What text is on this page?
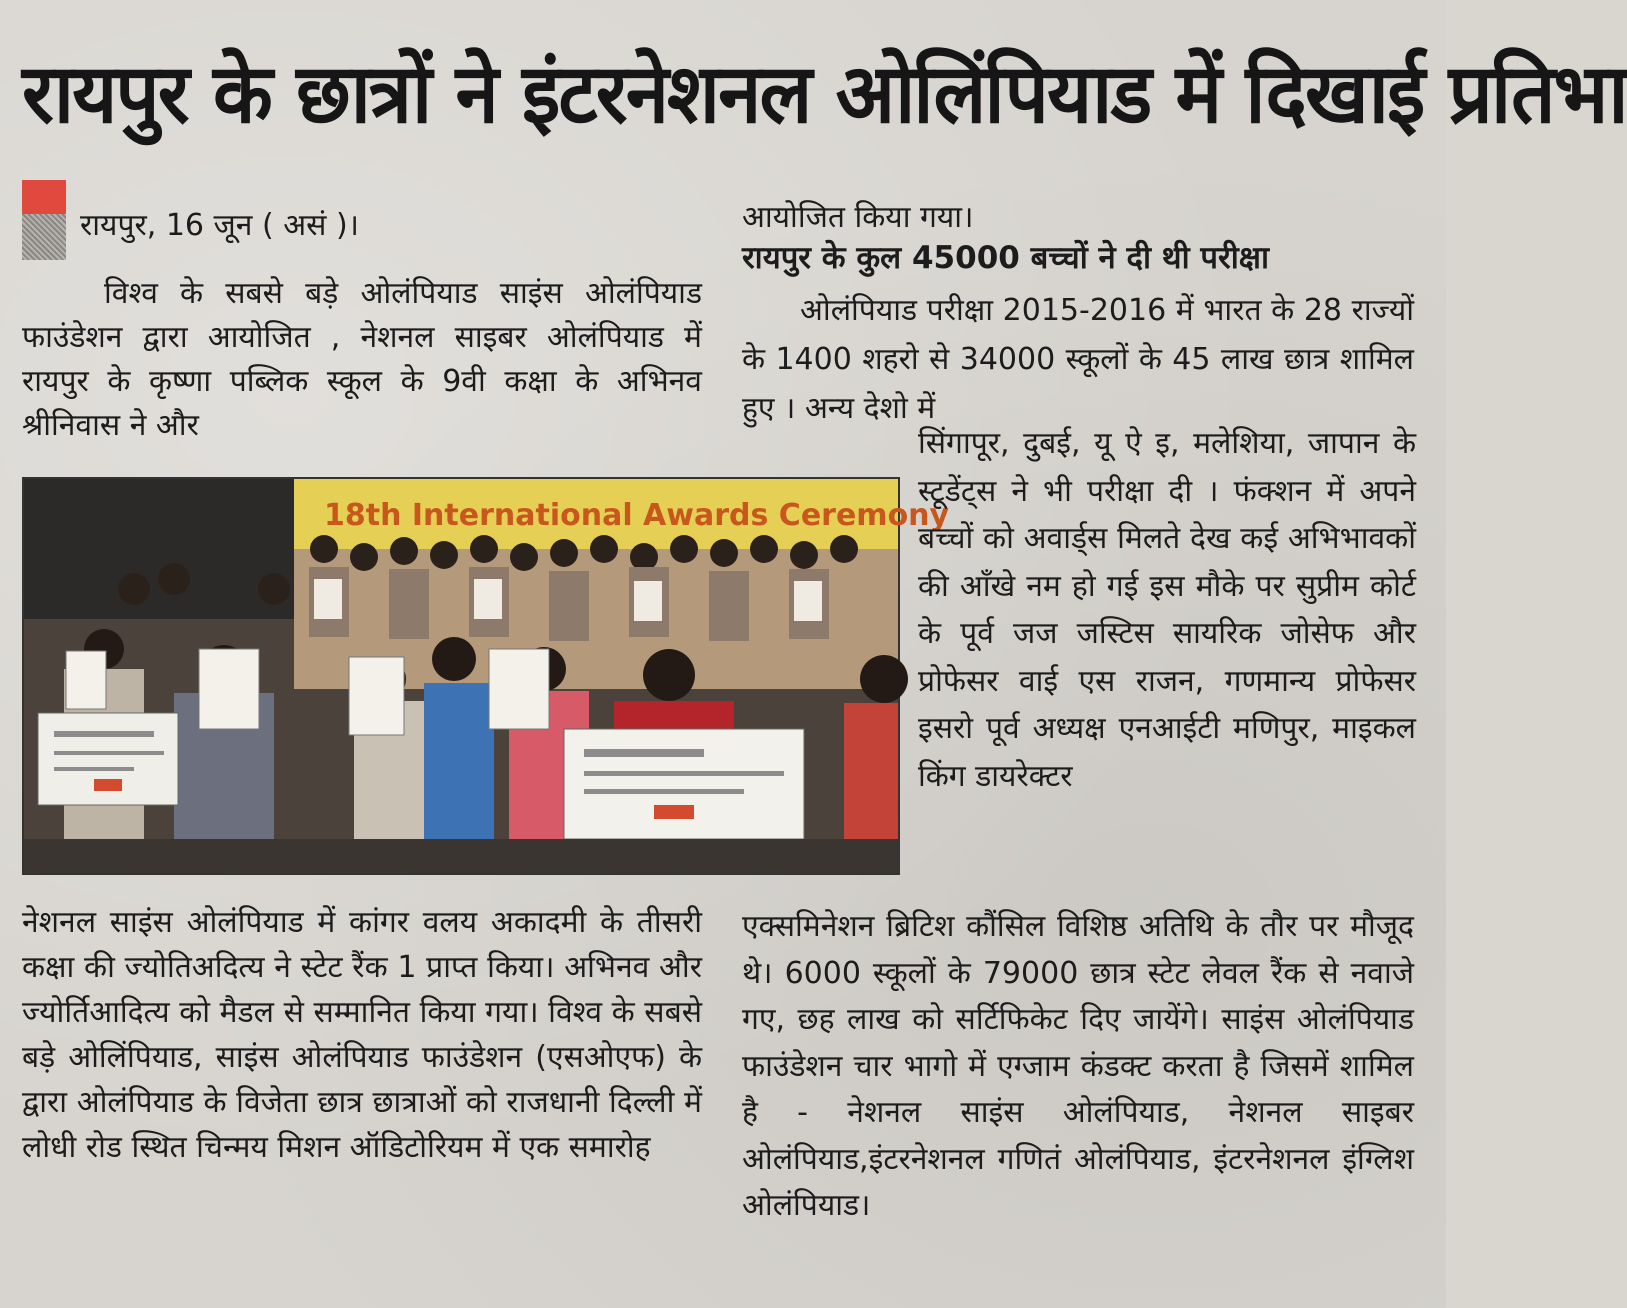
रायपुर के छात्रों ने इंटरनेशनल ओलिंपियाड में दिखाई प्रतिभा
रायपुर, 16 जून ( असं )।

विश्व के सबसे बड़े ओलंपियाड साइंस ओलंपियाड फाउंडेशन द्वारा आयोजित , नेशनल साइबर ओलंपियाड में रायपुर के कृष्णा पब्लिक स्कूल के 9वी कक्षा के अभिनव श्रीनिवास ने और

18th International Awards Ceremony

नेशनल साइंस ओलंपियाड में कांगर वलय अकादमी के तीसरी कक्षा की ज्योतिअदित्य ने स्टेट रैंक 1 प्राप्त किया। अभिनव और ज्योर्तिआदित्य को मैडल से सम्मानित किया गया। विश्व के सबसे बड़े ओलिंपियाड, साइंस ओलंपियाड फाउंडेशन (एसओएफ) के द्वारा ओलंपियाड के विजेता छात्र छात्राओं को राजधानी दिल्ली में लोधी रोड स्थित चिन्मय मिशन ऑडिटोरियम में एक समारोह

आयोजित किया गया।

रायपुर के कुल 45000 बच्चों ने दी थी परीक्षा

ओलंपियाड परीक्षा 2015-2016 में भारत के 28 राज्यों के 1400 शहरो से 34000 स्कूलों के 45 लाख छात्र शामिल हुए । अन्य देशो में

सिंगापूर, दुबई, यू ऐ इ, मलेशिया, जापान के स्टूडेंट्स ने भी परीक्षा दी । फंक्शन में अपने बच्चों को अवार्ड्स मिलते देख कई अभिभावकों की आँखे नम हो गई इस मौके पर सुप्रीम कोर्ट के पूर्व जज जस्टिस सायरिक जोसेफ और प्रोफेसर वाई एस राजन, गणमान्य प्रोफेसर इसरो पूर्व अध्यक्ष एनआईटी मणिपुर, माइकल किंग डायरेक्टर

एक्समिनेशन ब्रिटिश कौंसिल विशिष्ठ अतिथि के तौर पर मौजूद थे। 6000 स्कूलों के 79000 छात्र स्टेट लेवल रैंक से नवाजे गए, छह लाख को सर्टिफिकेट दिए जायेंगे। साइंस ओलंपियाड फाउंडेशन चार भागो में एग्जाम कंडक्ट करता है जिसमें शामिल है - नेशनल साइंस ओलंपियाड, नेशनल साइबर ओलंपियाड,इंटरनेशनल गणितं ओलंपियाड, इंटरनेशनल इंग्लिश ओलंपियाड।
